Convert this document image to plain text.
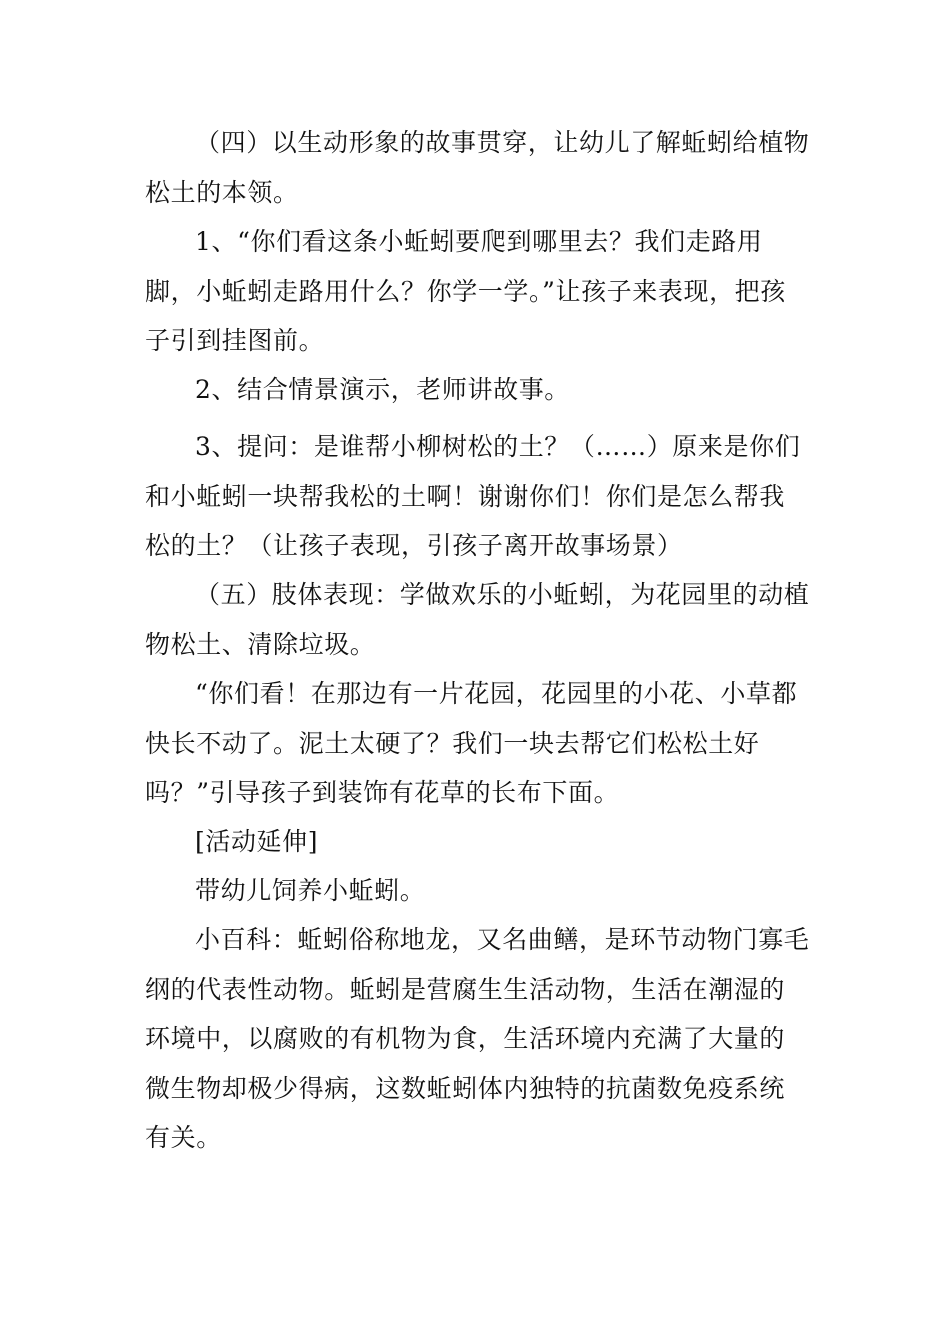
（四）以生动形象的故事贯穿，让幼儿了解蚯蚓给植物松土的本领。

1、“你们看这条小蚯蚓要爬到哪里去？我们走路用脚，小蚯蚓走路用什么？你学一学。”让孩子来表现，把孩子引到挂图前。

2、结合情景演示，老师讲故事。

3、提问：是谁帮小柳树松的土？（……）原来是你们和小蚯蚓一块帮我松的土啊！谢谢你们！你们是怎么帮我松的土？（让孩子表现，引孩子离开故事场景）

（五）肢体表现：学做欢乐的小蚯蚓，为花园里的动植物松土、清除垃圾。

“你们看！在那边有一片花园，花园里的小花、小草都快长不动了。泥土太硬了？我们一块去帮它们松松土好吗？”引导孩子到装饰有花草的长布下面。

[活动延伸]

带幼儿饲养小蚯蚓。

小百科：蚯蚓俗称地龙，又名曲鳝，是环节动物门寡毛纲的代表性动物。蚯蚓是营腐生生活动物，生活在潮湿的环境中，以腐败的有机物为食，生活环境内充满了大量的微生物却极少得病，这数蚯蚓体内独特的抗菌数免疫系统有关。
